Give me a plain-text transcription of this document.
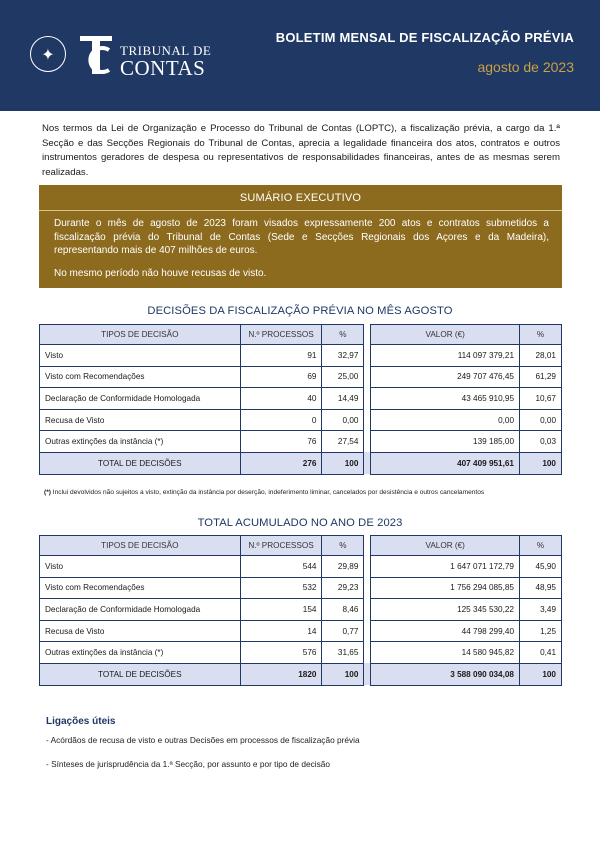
✦	TRIBUNAL DE
CONTAS
BOLETIM MENSAL DE FISCALIZAÇÃO PRÉVIA
agosto de 2023

Nos termos da Lei de Organização e Processo do Tribunal de Contas (LOPTC), a fiscalização prévia, a cargo da 1.ª Secção e das Secções Regionais do Tribunal de Contas, aprecia a legalidade financeira dos atos, contratos e outros instrumentos geradores de despesa ou representativos de responsabilidades financeiras, antes de as mesmas serem realizadas.

SUMÁRIO EXECUTIVO

Durante o mês de agosto de 2023 foram visados expressamente 200 atos e contratos submetidos a fiscalização prévia do Tribunal de Contas (Sede e Secções Regionais dos Açores e da Madeira), representando mais de 407 milhões de euros.

No mesmo período não houve recusas de visto.

DECISÕES DA FISCALIZAÇÃO PRÉVIA NO MÊS AGOSTO
TIPOS DE DECISÃO	N.º PROCESSOS	%		VALOR (€)	%
Visto	91	32,97		114 097 379,21	28,01
Visto com Recomendações	69	25,00		249 707 476,45	61,29
Declaração de Conformidade Homologada	40	14,49		43 465 910,95	10,67
Recusa de Visto	0	0,00		0,00	0,00
Outras extinções da instância (*)	76	27,54		139 185,00	0,03
TOTAL DE DECISÕES	276	100		407 409 951,61	100
(*) Inclui devolvidos não sujeitos a visto, extinção da instância por deserção, indeferimento liminar, cancelados por desistência e outros cancelamentos
TOTAL ACUMULADO NO ANO DE 2023
TIPOS DE DECISÃO	N.º PROCESSOS	%		VALOR (€)	%
Visto	544	29,89		1 647 071 172,79	45,90
Visto com Recomendações	532	29,23		1 756 294 085,85	48,95
Declaração de Conformidade Homologada	154	8,46		125 345 530,22	3,49
Recusa de Visto	14	0,77		44 798 299,40	1,25
Outras extinções da instância (*)	576	31,65		14 580 945,82	0,41
TOTAL DE DECISÕES	1820	100		3 588 090 034,08	100
Ligações úteis
- Acórdãos de recusa de visto e outras Decisões em processos de fiscalização prévia
- Sínteses de jurisprudência da 1.ª Secção, por assunto e por tipo de decisão
